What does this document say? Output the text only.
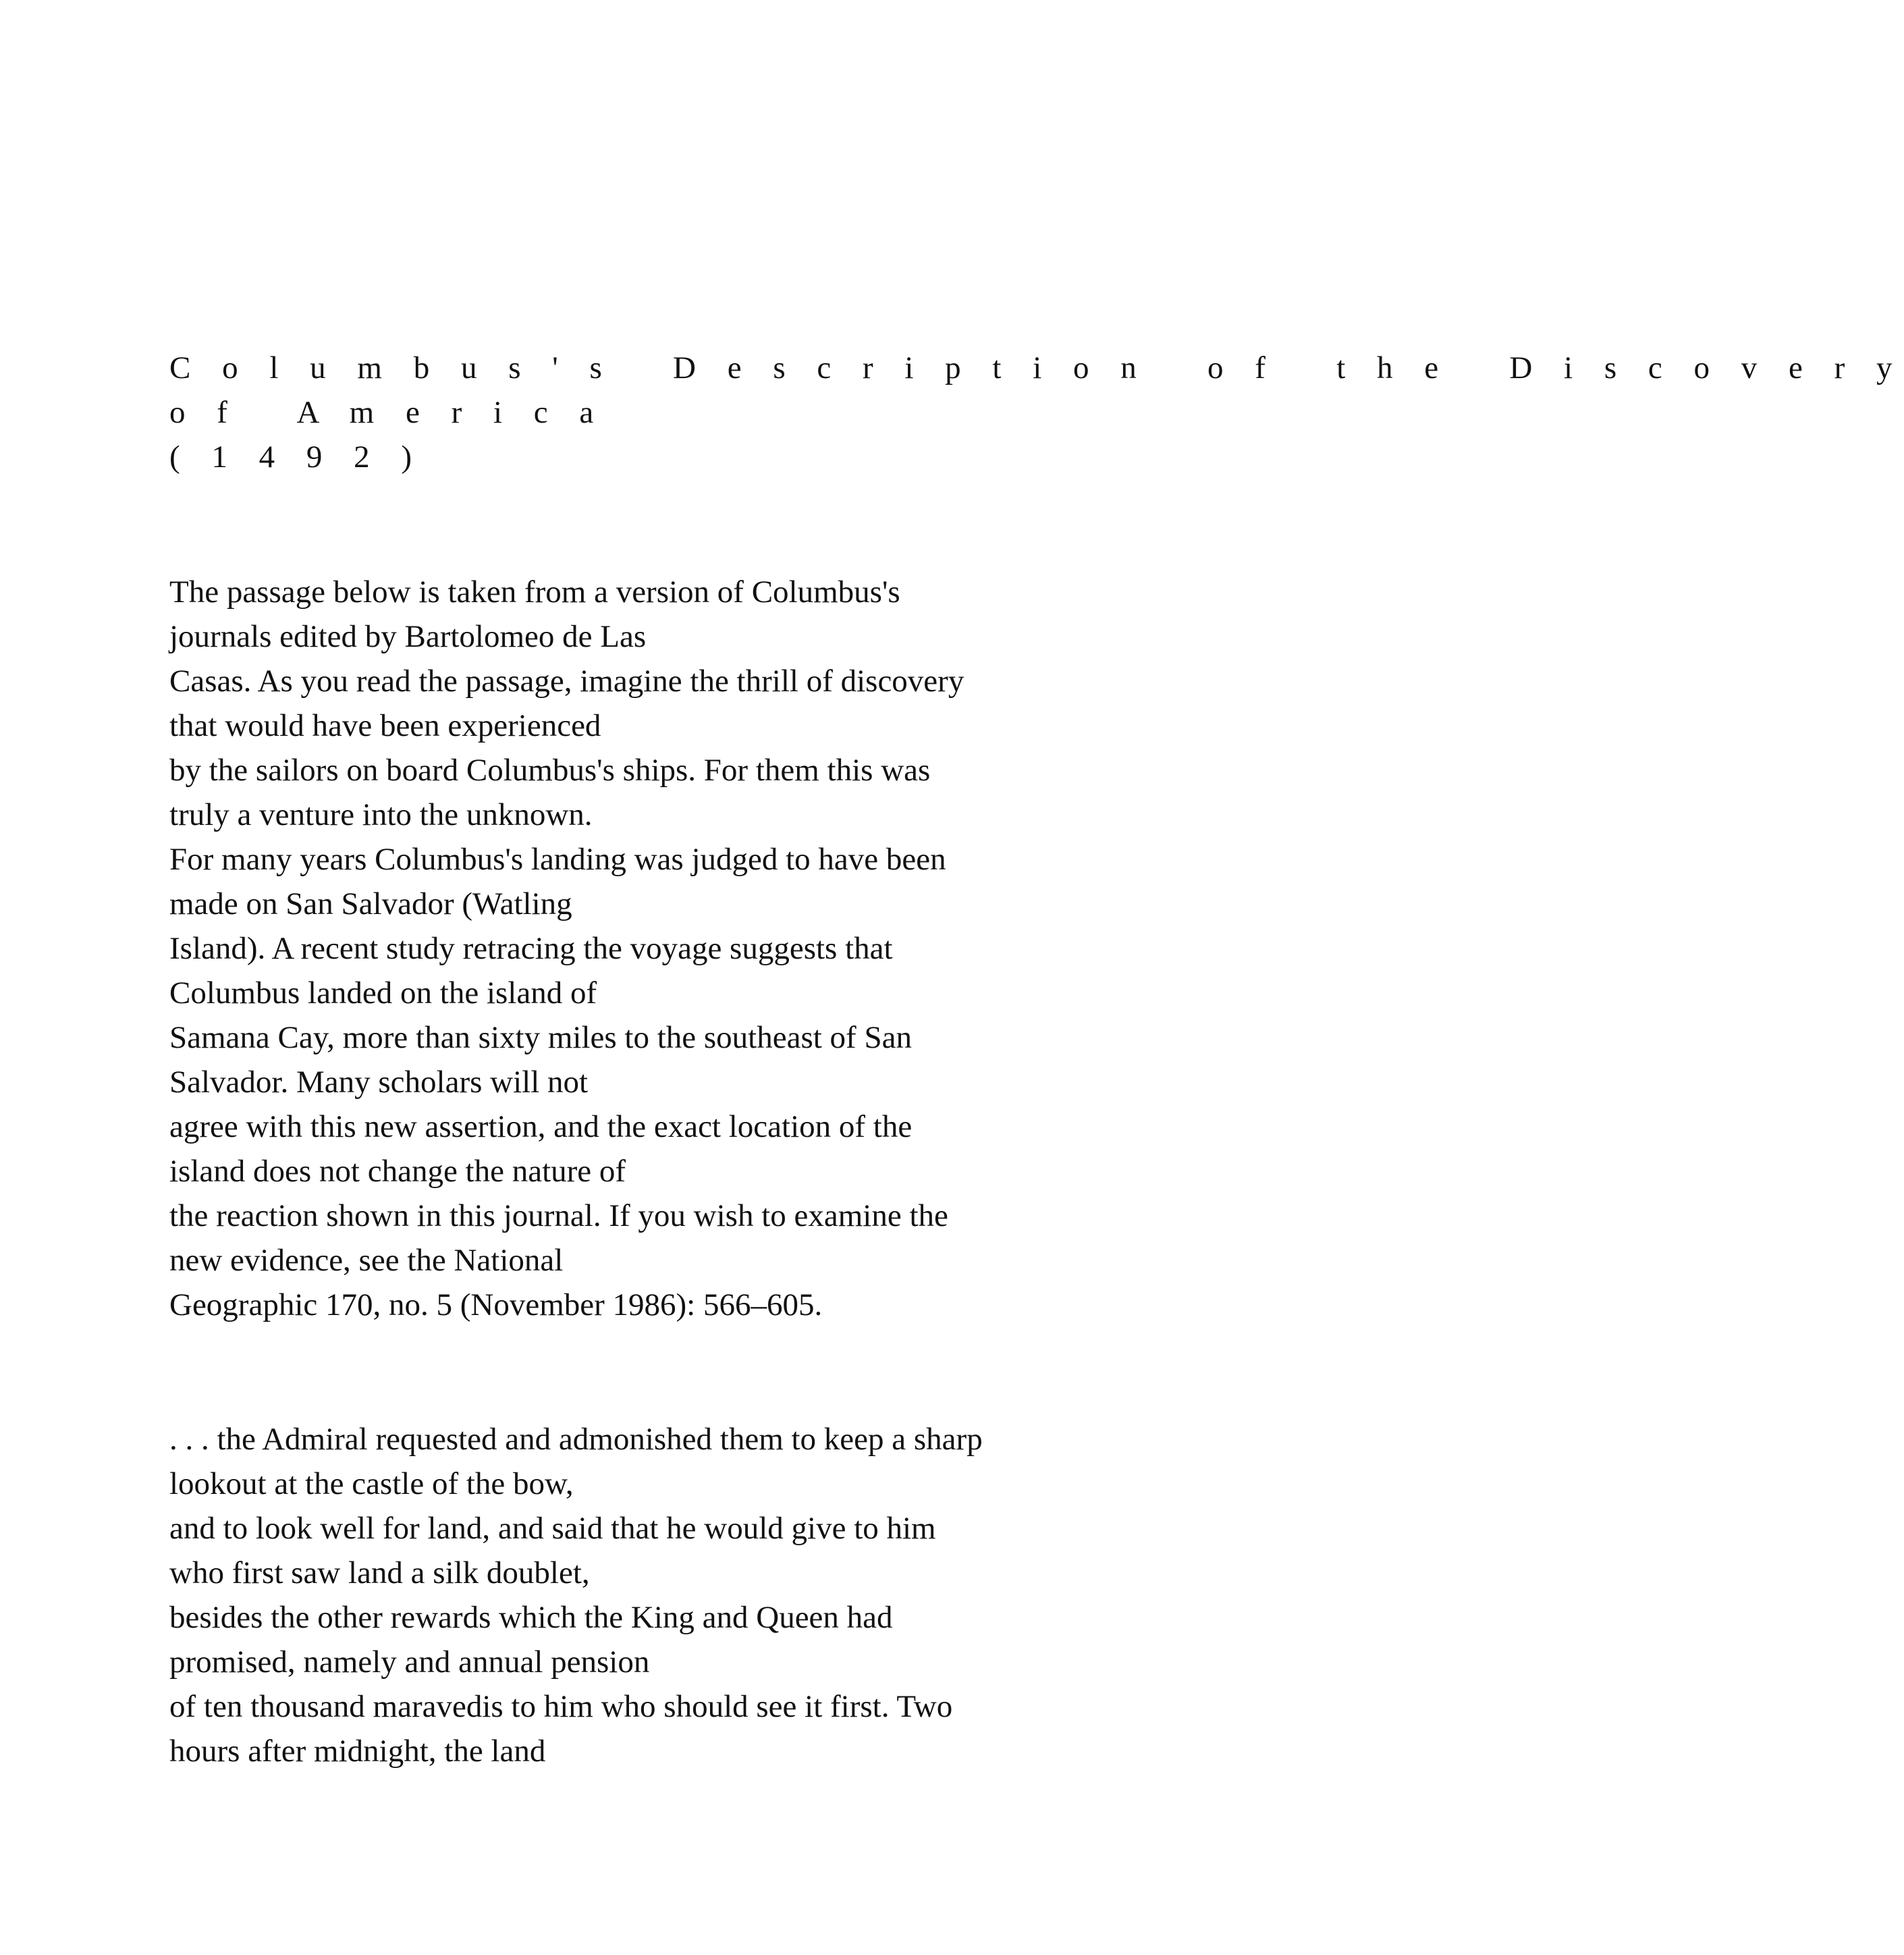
C o l u m b u s ' s   D e s c r i p t i o n   o f   t h e   D i s c o v e r y
o f   A m e r i c a
( 1 4 9 2 )
The passage below is taken from a version of Columbus's
journals edited by Bartolomeo de Las
Casas. As you read the passage, imagine the thrill of discovery
that would have been experienced
by the sailors on board Columbus's ships. For them this was
truly a venture into the unknown.
For many years Columbus's landing was judged to have been
made on San Salvador (Watling
Island). A recent study retracing the voyage suggests that
Columbus landed on the island of
Samana Cay, more than sixty miles to the southeast of San
Salvador. Many scholars will not
agree with this new assertion, and the exact location of the
island does not change the nature of
the reaction shown in this journal. If you wish to examine the
new evidence, see the National
Geographic 170, no. 5 (November 1986): 566–605.
. . . the Admiral requested and admonished them to keep a sharp
lookout at the castle of the bow,
and to look well for land, and said that he would give to him
who first saw land a silk doublet,
besides the other rewards which the King and Queen had
promised, namely and annual pension
of ten thousand maravedis to him who should see it first. Two
hours after midnight, the land
